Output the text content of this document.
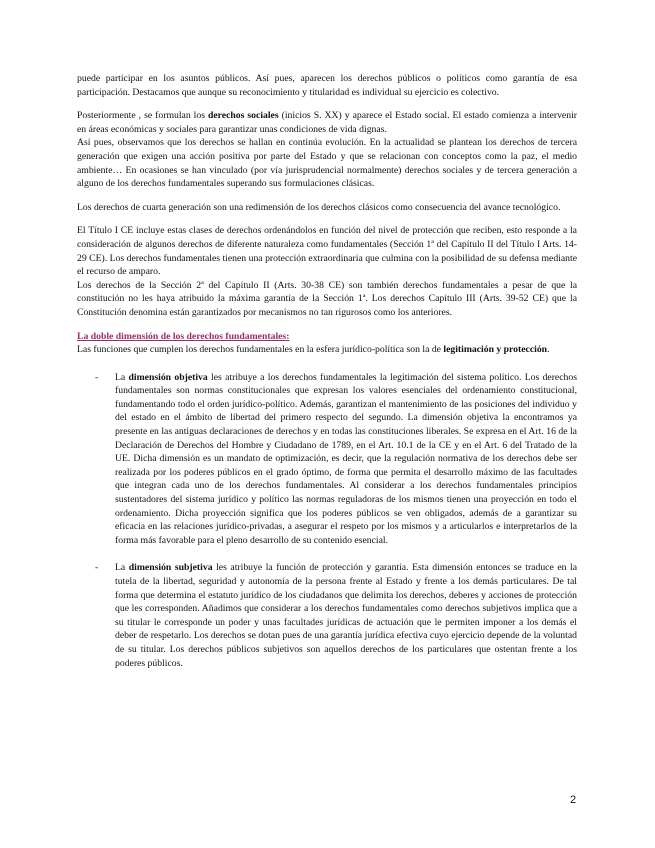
puede participar en los asuntos públicos. Así pues, aparecen los derechos públicos o políticos como garantía de esa participación. Destacamos que aunque su reconocimiento y titularidad es individual su ejercicio es colectivo.

Posteriormente , se formulan los derechos sociales (inicios S. XX) y aparece el Estado social. El estado comienza a intervenir en áreas económicas y sociales para garantizar unas condiciones de vida dignas.

Así pues, observamos que los derechos se hallan en continúa evolución. En la actualidad se plantean los derechos de tercera generación que exigen una acción positiva por parte del Estado y que se relacionan con conceptos como la paz, el medio ambiente… En ocasiones se han vinculado (por vía jurisprudencial normalmente) derechos sociales y de tercera generación a alguno de los derechos fundamentales superando sus formulaciones clásicas.

Los derechos de cuarta generación son una redimensión de los derechos clásicos como consecuencia del avance tecnológico.

El Título I CE incluye estas clases de derechos ordenándolos en función del nivel de protección que reciben, esto responde a la consideración de algunos derechos de diferente naturaleza como fundamentales (Sección 1ª del Capítulo II del Título I Arts. 14-29 CE). Los derechos fundamentales tienen una protección extraordinaria que culmina con la posibilidad de su defensa mediante el recurso de amparo.

Los derechos de la Sección 2ª del Capítulo II (Arts. 30-38 CE) son también derechos fundamentales a pesar de que la constitución no les haya atribuido la máxima garantía de la Sección 1ª. Los derechos Capítulo III (Arts. 39-52 CE) que la Constitución denomina están garantizados por mecanismos no tan rigurosos como los anteriores.

La doble dimensión de los derechos fundamentales:

Las funciones que cumplen los derechos fundamentales en la esfera jurídico-política son la de legitimación y protección.

- La dimensión objetiva les atribuye a los derechos fundamentales la legitimación del sistema político. Los derechos fundamentales son normas constitucionales que expresan los valores esenciales del ordenamiento constitucional, fundamentando todo el orden jurídico-político. Además, garantizan el mantenimiento de las posiciones del individuo y del estado en el ámbito de libertad del primero respecto del segundo. La dimensión objetiva la encontramos ya presente en las antiguas declaraciones de derechos y en todas las constituciones liberales. Se expresa en el Art. 16 de la Declaración de Derechos del Hombre y Ciudadano de 1789, en el Art. 10.1 de la CE y en el Art. 6 del Tratado de la UE. Dicha dimensión es un mandato de optimización, es decir, que la regulación normativa de los derechos debe ser realizada por los poderes públicos en el grado óptimo, de forma que permita el desarrollo máximo de las facultades que integran cada uno de los derechos fundamentales. Al considerar a los derechos fundamentales principios sustentadores del sistema jurídico y político las normas reguladoras de los mismos tienen una proyección en todo el ordenamiento. Dicha proyección significa que los poderes públicos se ven obligados, además de a garantizar su eficacia en las relaciones jurídico-privadas, a asegurar el respeto por los mismos y a articularlos e interpretarlos de la forma más favorable para el pleno desarrollo de su contenido esencial.

- La dimensión subjetiva les atribuye la función de protección y garantía. Esta dimensión entonces se traduce en la tutela de la libertad, seguridad y autonomía de la persona frente al Estado y frente a los demás particulares. De tal forma que determina el estatuto jurídico de los ciudadanos que delimita los derechos, deberes y acciones de protección que les corresponden. Añadimos que considerar a los derechos fundamentales como derechos subjetivos implica que a su titular le corresponde un poder y unas facultades jurídicas de actuación que le permiten imponer a los demás el deber de respetarlo. Los derechos se dotan pues de una garantía jurídica efectiva cuyo ejercicio depende de la voluntad de su titular. Los derechos públicos subjetivos son aquellos derechos de los particulares que ostentan frente a los poderes públicos.

2
